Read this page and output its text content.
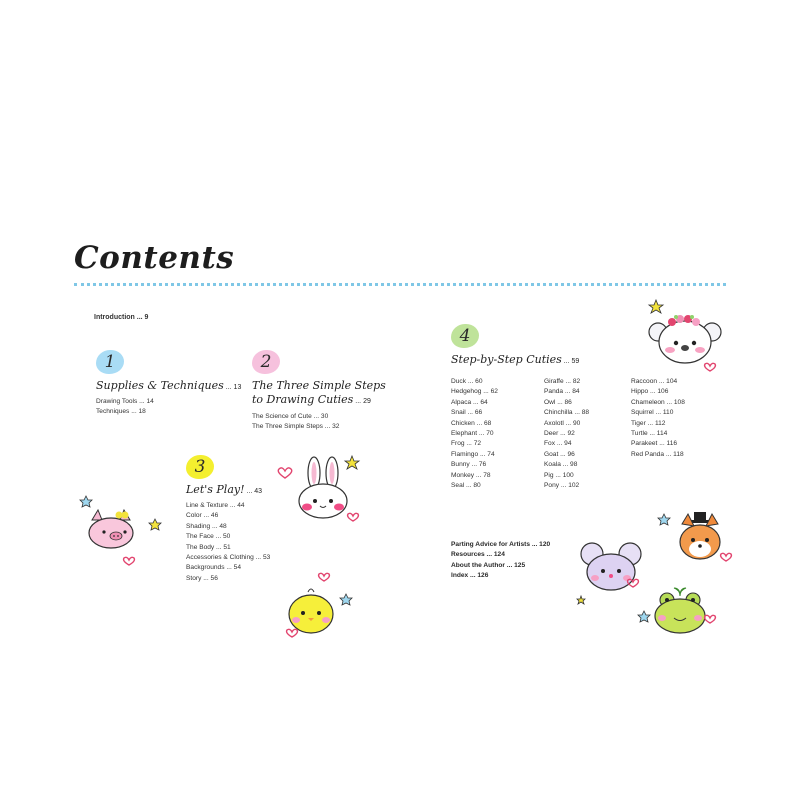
Contents
Introduction ... 9
1
Supplies & Techniques ... 13
Drawing Tools ... 14
Techniques ... 18
2
The Three Simple Steps
to Drawing Cuties ... 29
The Science of Cute ... 30
The Three Simple Steps ... 32
3
Let's Play! ... 43
Line & Texture ... 44
Color ... 46
Shading ... 48
The Face ... 50
The Body ... 51
Accessories & Clothing ... 53
Backgrounds ... 54
Story ... 56
4
Step-by-Step Cuties ... 59
Duck ... 60
Hedgehog ... 62
Alpaca ... 64
Snail ... 66
Chicken ... 68
Elephant ... 70
Frog ... 72
Flamingo ... 74
Bunny ... 76
Monkey ... 78
Seal ... 80
Giraffe ... 82
Panda ... 84
Owl ... 86
Chinchilla ... 88
Axolotl ... 90
Deer ... 92
Fox ... 94
Goat ... 96
Koala ... 98
Pig ... 100
Pony ... 102
Raccoon ... 104
Hippo ... 106
Chameleon ... 108
Squirrel ... 110
Tiger ... 112
Turtle ... 114
Parakeet ... 116
Red Panda ... 118
Parting Advice for Artists ... 120
Resources ... 124
About the Author ... 125
Index ... 126
